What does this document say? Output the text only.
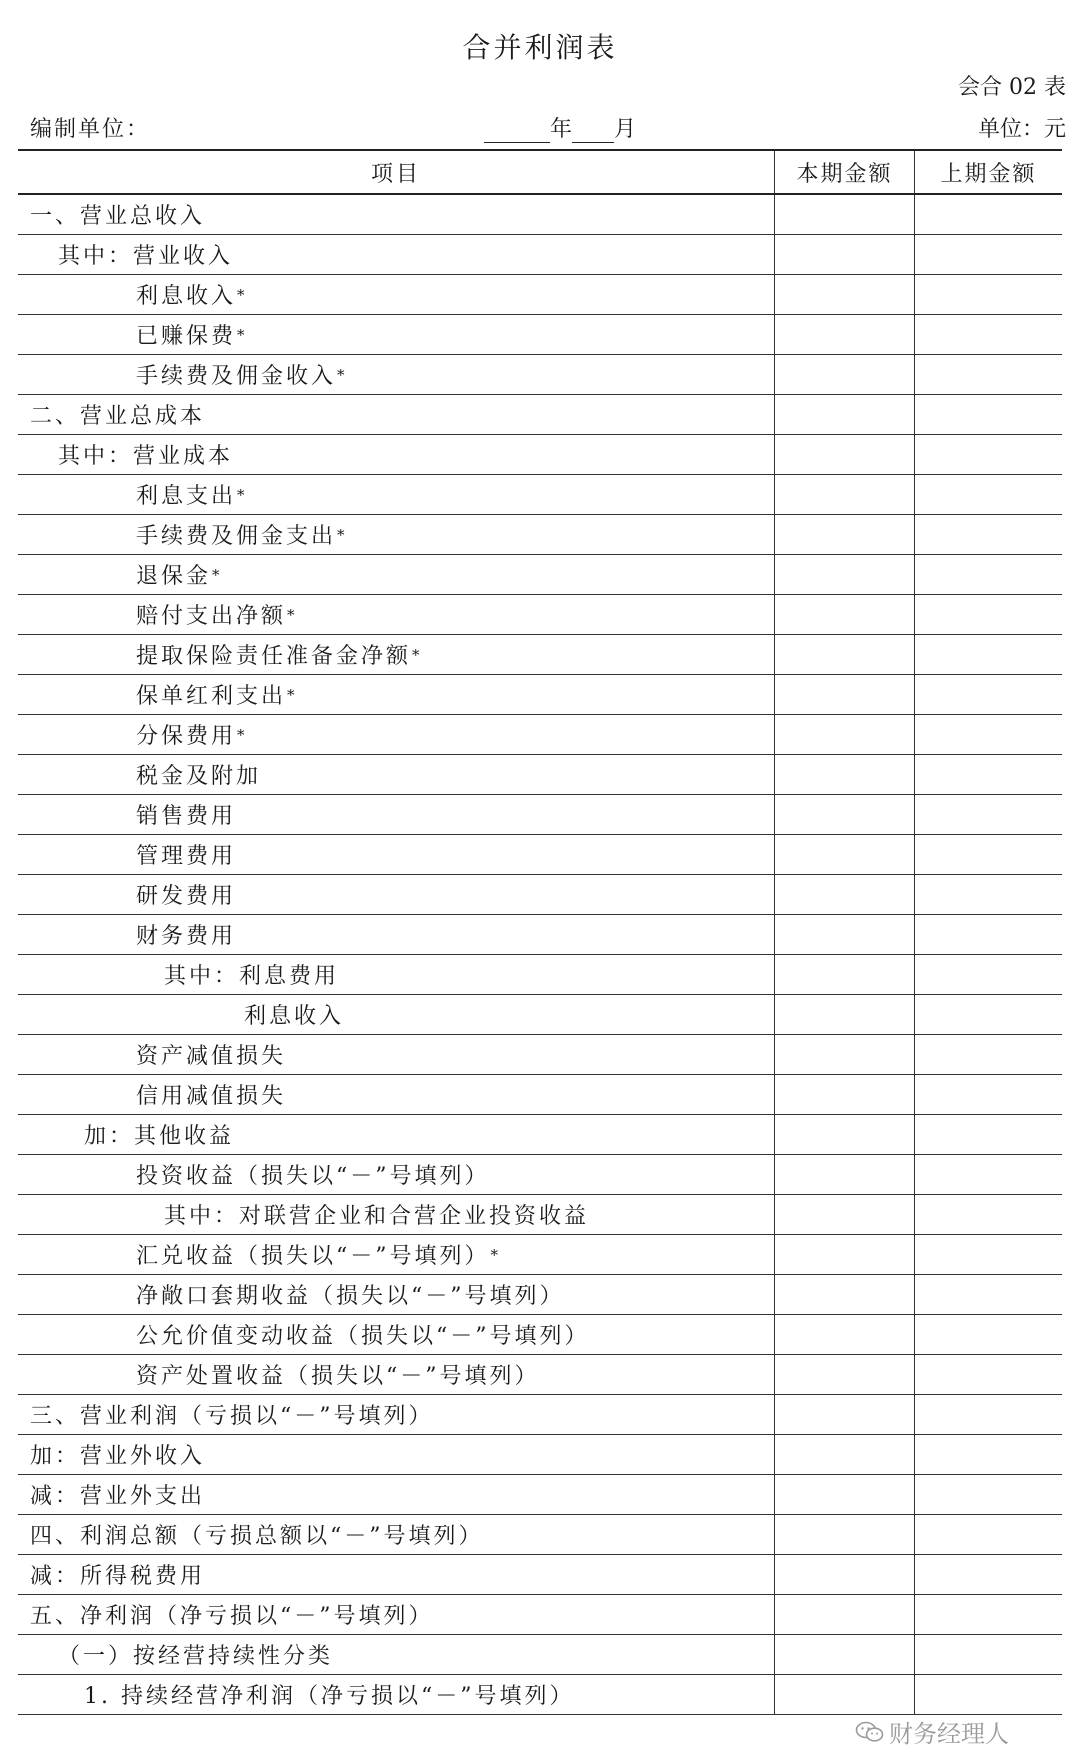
合并利润表
会合 02 表
编制单位：	年 月	单位：元
项目	本期金额	上期金额
一、营业总收入
其中：营业收入
利息收入 *
已赚保费 *
手续费及佣金收入 *
二、营业总成本
其中：营业成本
利息支出 *
手续费及佣金支出 *
退保金 *
赔付支出净额 *
提取保险责任准备金净额 *
保单红利支出 *
分保费用 *
税金及附加
销售费用
管理费用
研发费用
财务费用
其中：利息费用
利息收入
资产减值损失
信用减值损失
加：其他收益
投资收益（损失以“－”号填列）
其中：对联营企业和合营企业投资收益
汇兑收益（损失以“－”号填列） *
净敞口套期收益（损失以“－”号填列）
公允价值变动收益（损失以“－”号填列）
资产处置收益（损失以“－”号填列）
三、营业利润（亏损以“－”号填列）
加：营业外收入
减：营业外支出
四、利润总额（亏损总额以“－”号填列）
减：所得税费用
五、净利润（净亏损以“－”号填列）
（一）按经营持续性分类
1. 持续经营净利润（净亏损以“－”号填列）
财务经理人
